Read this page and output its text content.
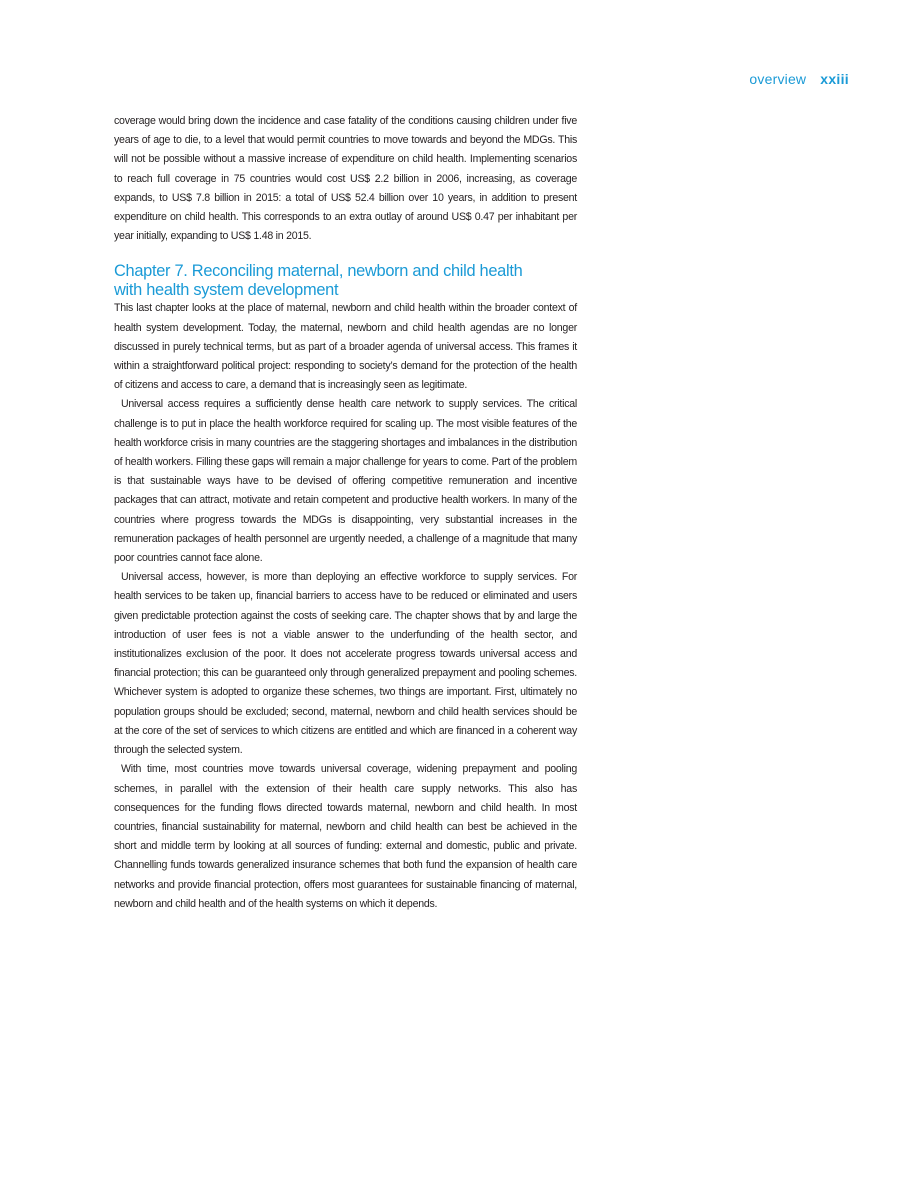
overview xxiii

coverage would bring down the incidence and case fatality of the conditions causing children under five years of age to die, to a level that would permit countries to move towards and beyond the MDGs. This will not be possible without a massive increase of expenditure on child health. Implementing scenarios to reach full coverage in 75 countries would cost US$ 2.2 billion in 2006, increasing, as coverage expands, to US$ 7.8 billion in 2015: a total of US$ 52.4 billion over 10 years, in addition to present expenditure on child health. This corresponds to an extra outlay of around US$ 0.47 per inhabitant per year initially, expanding to US$ 1.48 in 2015.

Chapter 7. Reconciling maternal, newborn and child health
with health system development

This last chapter looks at the place of maternal, newborn and child health within the broader context of health system development. Today, the maternal, newborn and child health agendas are no longer discussed in purely technical terms, but as part of a broader agenda of universal access. This frames it within a straightforward political project: responding to society’s demand for the protection of the health of citizens and access to care, a demand that is increasingly seen as legitimate.

Universal access requires a sufficiently dense health care network to supply services. The critical challenge is to put in place the health workforce required for scaling up. The most visible features of the health workforce crisis in many countries are the staggering shortages and imbalances in the distribution of health workers. Filling these gaps will remain a major challenge for years to come. Part of the problem is that sustainable ways have to be devised of offering competitive remuneration and incentive packages that can attract, motivate and retain competent and productive health workers. In many of the countries where progress towards the MDGs is disappointing, very substantial increases in the remuneration packages of health personnel are urgently needed, a challenge of a magnitude that many poor countries cannot face alone.

Universal access, however, is more than deploying an effective workforce to supply services. For health services to be taken up, financial barriers to access have to be reduced or eliminated and users given predictable protection against the costs of seeking care. The chapter shows that by and large the introduction of user fees is not a viable answer to the underfunding of the health sector, and institutionalizes exclusion of the poor. It does not accelerate progress towards universal access and financial protection; this can be guaranteed only through generalized prepayment and pooling schemes. Whichever system is adopted to organize these schemes, two things are important. First, ultimately no population groups should be excluded; second, maternal, newborn and child health services should be at the core of the set of services to which citizens are entitled and which are financed in a coherent way through the selected system.

With time, most countries move towards universal coverage, widening prepayment and pooling schemes, in parallel with the extension of their health care supply networks. This also has consequences for the funding flows directed towards maternal, newborn and child health. In most countries, financial sustainability for maternal, newborn and child health can best be achieved in the short and middle term by looking at all sources of funding: external and domestic, public and private. Channelling funds towards generalized insurance schemes that both fund the expansion of health care networks and provide financial protection, offers most guarantees for sustainable financing of maternal, newborn and child health and of the health systems on which it depends.
